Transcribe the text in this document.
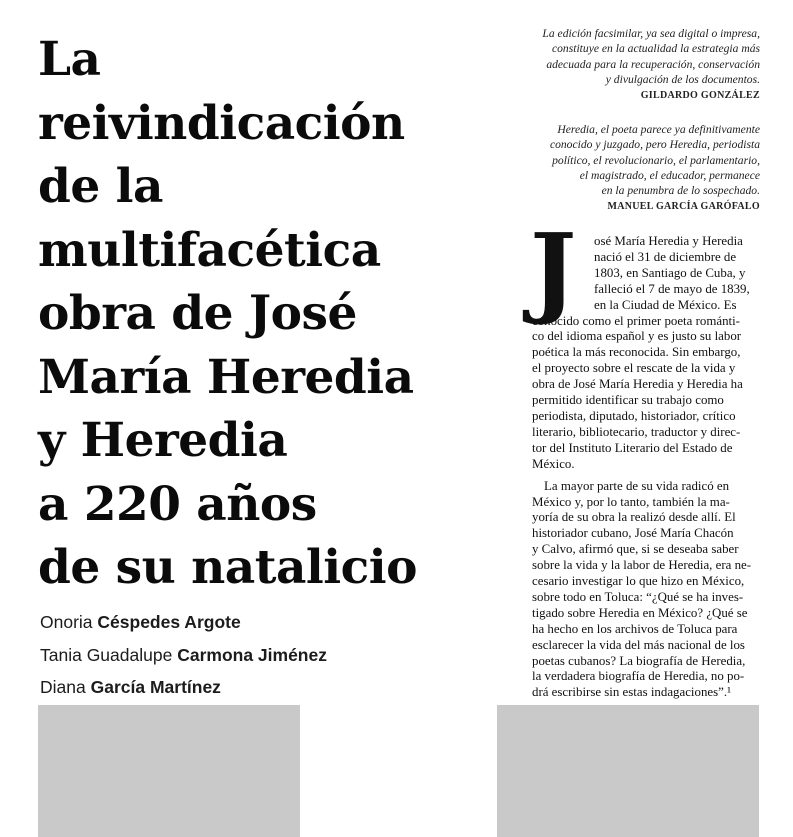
La
reivindicación
de la
multifacética
obra de José
María Heredia
y Heredia
a 220 años
de su natalicio
Onoria Céspedes Argote
Tania Guadalupe Carmona Jiménez
Diana García Martínez
La edición facsimilar, ya sea digital o impresa,
constituye en la actualidad la estrategia más
adecuada para la recuperación, conservación
y divulgación de los documentos.
GILDARDO GONZÁLEZ
Heredia, el poeta parece ya definitivamente
conocido y juzgado, pero Heredia, periodista
político, el revolucionario, el parlamentario,
el magistrado, el educador, permanece
en la penumbra de lo sospechado.
MANUEL GARCÍA GARÓFALO
J	osé María Heredia y Heredia
nació el 31 de diciembre de
1803, en Santiago de Cuba, y
falleció el 7 de mayo de 1839,
en la Ciudad de México. Es
conocido como el primer poeta románti-
co del idioma español y es justo su labor
poética la más reconocida. Sin embargo,
el proyecto sobre el rescate de la vida y
obra de José María Heredia y Heredia ha
permitido identificar su trabajo como
periodista, diputado, historiador, crítico
literario, bibliotecario, traductor y direc-
tor del Instituto Literario del Estado de
México.

La mayor parte de su vida radicó en
México y, por lo tanto, también la ma-
yoría de su obra la realizó desde allí. El
historiador cubano, José María Chacón
y Calvo, afirmó que, si se deseaba saber
sobre la vida y la labor de Heredia, era ne-
cesario investigar lo que hizo en México,
sobre todo en Toluca: “¿Qué se ha inves-
tigado sobre Heredia en México? ¿Qué se
ha hecho en los archivos de Toluca para
esclarecer la vida del más nacional de los
poetas cubanos? La biografía de Heredia,
la verdadera biografía de Heredia, no po-
drá escribirse sin estas indagaciones”.¹
